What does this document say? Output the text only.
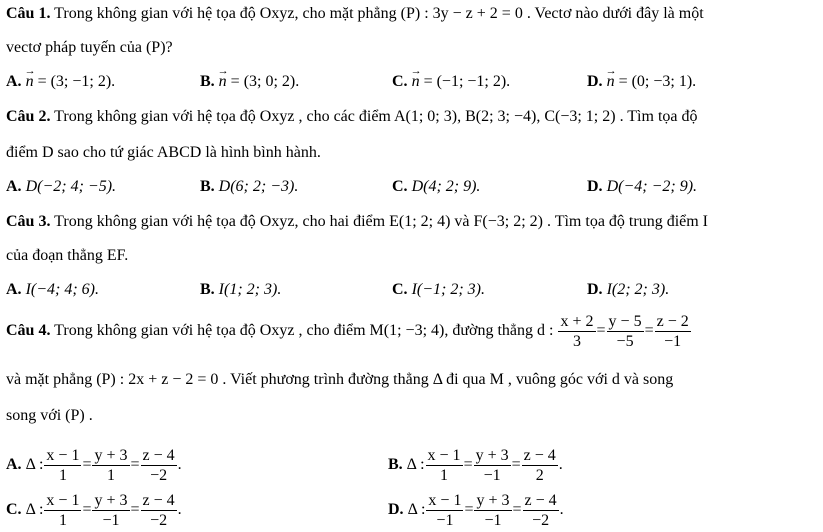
Câu 1. Trong không gian với hệ tọa độ Oxyz, cho mặt phẳng (P) : 3y − z + 2 = 0 . Vectơ nào dưới đây là một
vectơ pháp tuyến của (P)?
A. → n = (3; −1; 2).	B. → n = (3; 0; 2).	C. → n = (−1; −1; 2).	D. → n = (0; −3; 1).
Câu 2. Trong không gian với hệ tọa độ Oxyz , cho các điểm A(1; 0; 3), B(2; 3; −4), C(−3; 1; 2) . Tìm tọa độ
điểm D sao cho tứ giác ABCD là hình bình hành.
A. D(−2; 4; −5).	B. D(6; 2; −3).	C. D(4; 2; 9).	D. D(−4; −2; 9).
Câu 3. Trong không gian với hệ tọa độ Oxyz, cho hai điểm E(1; 2; 4) và F(−3; 2; 2) . Tìm tọa độ trung điểm I
của đoạn thẳng EF.
A. I(−4; 4; 6).	B. I(1; 2; 3).	C. I(−1; 2; 3).	D. I(2; 2; 3).
Câu 4. Trong không gian với hệ tọa độ Oxyz , cho điểm M(1; −3; 4), đường thẳng d : $\frac{x + 2}{3} = \frac{y - 5}{-5} = \frac{z - 2}{-1}$
và mặt phẳng (P) : 2x + z − 2 = 0 . Viết phương trình đường thẳng Δ đi qua M , vuông góc với d và song
song với (P) .
A. Δ : $\frac{x - 1}{1} = \frac{y + 3}{1} = \frac{z - 4}{-2}$ .	B. Δ : $\frac{x - 1}{1} = \frac{y + 3}{-1} = \frac{z - 4}{2}$ .
C. Δ : $\frac{x - 1}{1} = \frac{y + 3}{-1} = \frac{z - 4}{-2}$ .	D. Δ : $\frac{x - 1}{-1} = \frac{y + 3}{-1} = \frac{z - 4}{-2}$ .
